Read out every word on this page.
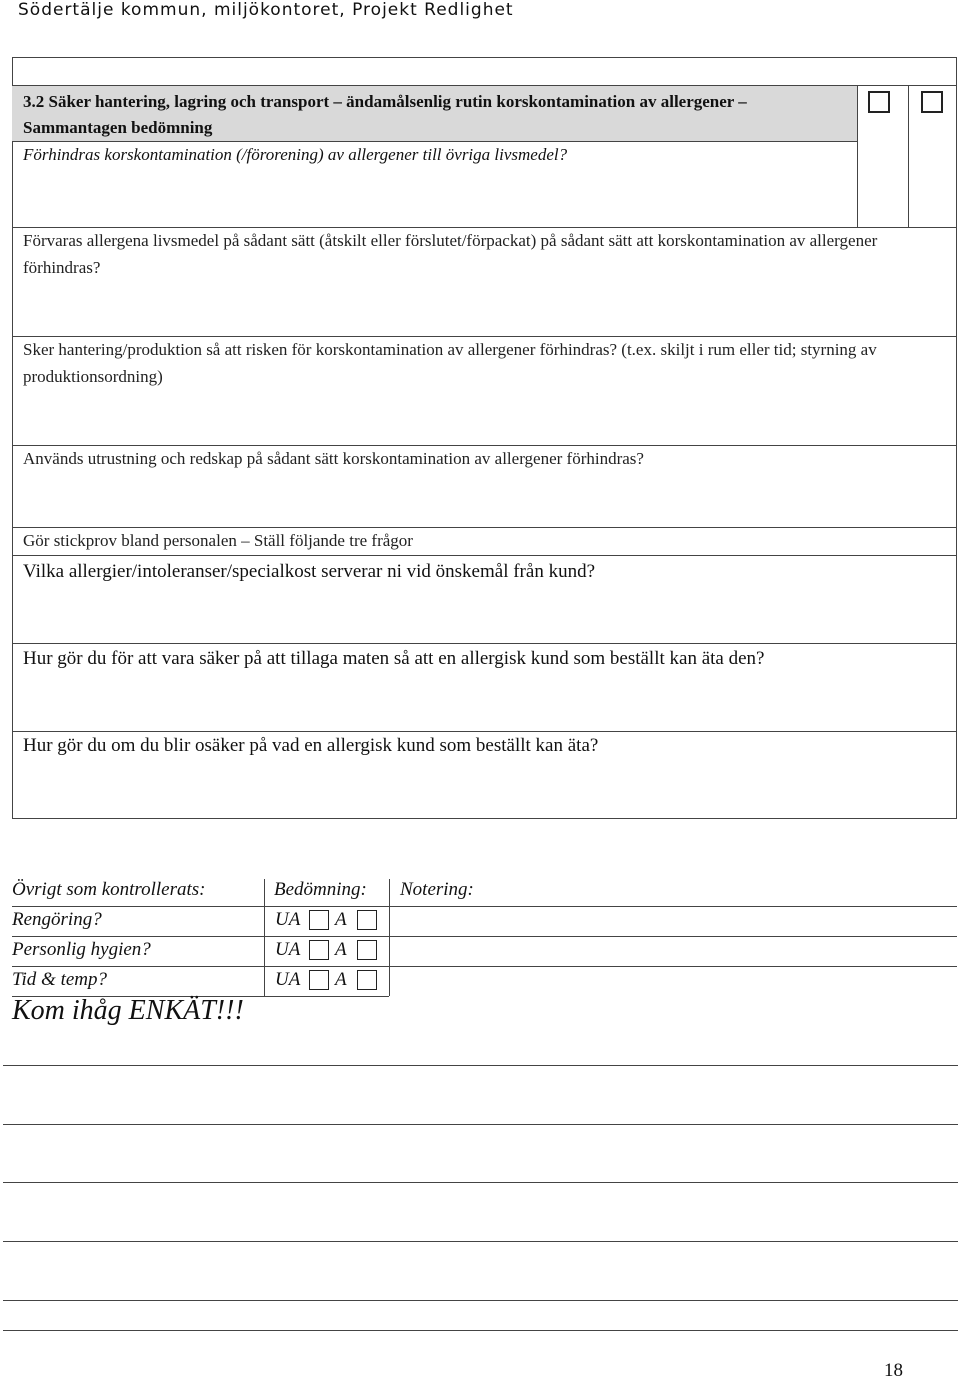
Södertälje kommun, miljökontoret, Projekt Redlighet
3.2 Säker hantering, lagring och transport – ändamålsenlig rutin korskontamination av allergener –
Sammantagen bedömning
Förhindras korskontamination (/förorening) av allergener till övriga livsmedel?
Förvaras allergena livsmedel på sådant sätt (åtskilt eller förslutet/förpackat) på sådant sätt att korskontamination av allergener förhindras?
Sker hantering/produktion så att risken för korskontamination av allergener förhindras? (t.ex. skiljt i rum eller tid; styrning av produktionsordning)
Används utrustning och redskap på sådant sätt korskontamination av allergener förhindras?
Gör stickprov bland personalen – Ställ följande tre frågor
Vilka allergier/intoleranser/specialkost serverar ni vid önskemål från kund?
Hur gör du för att vara säker på att tillaga maten så att en allergisk kund som beställt kan äta den?
Hur gör du om du blir osäker på vad en allergisk kund som beställt kan äta?
Övrigt som kontrollerats:	Bedömning: Notering:
Rengöring?	UA A
Personlig hygien?	UA A
Tid & temp?	UA A
Kom ihåg ENKÄT!!!
18
